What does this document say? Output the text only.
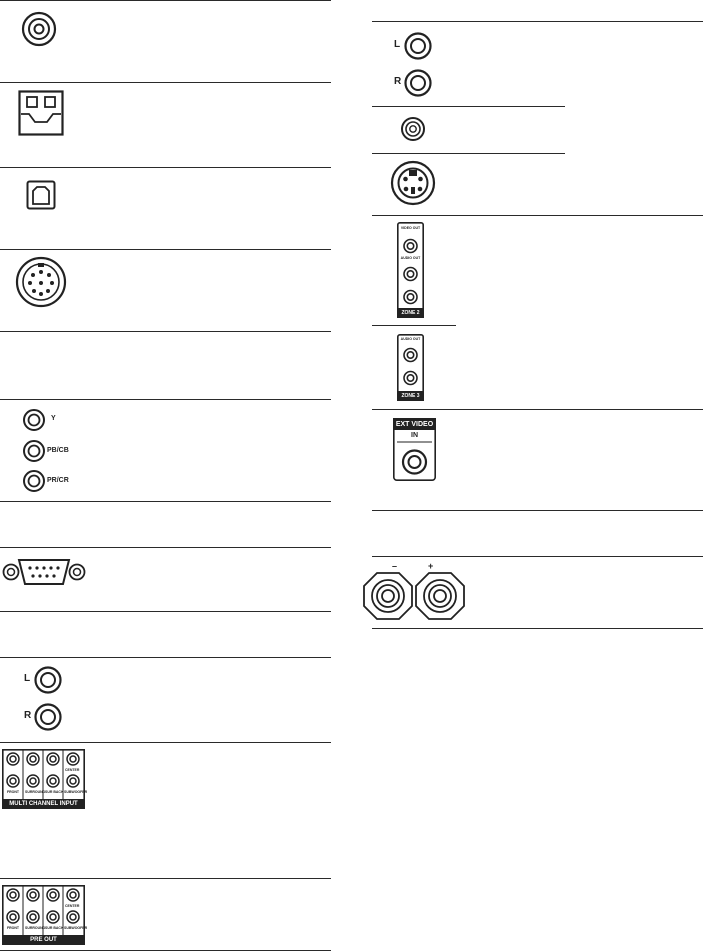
Y
PB/CB
PR/CR
L
R
CENTER
FRONT SURROUND SUR BACK SUBWOOFER
MULTI CHANNEL INPUT
CENTER
FRONT SURROUND SUR BACK SUBWOOFER
PRE OUT
L
R
VIDEO OUT
AUDIO OUT
ZONE 2
AUDIO OUT
ZONE 3
EXT VIDEO
IN
–	+
